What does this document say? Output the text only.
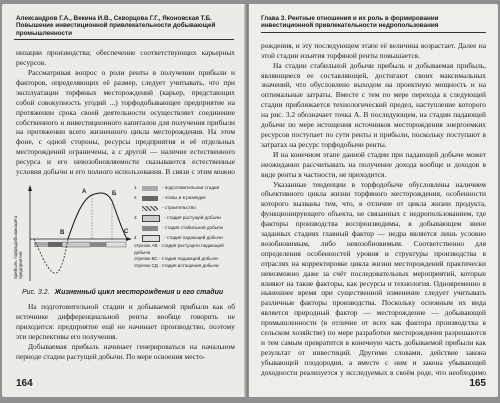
Александров Г.А., Векина И.В., Скворцова Г.Г., Яконовская Т.Б.
Повышение инвестиционной привлекательности добывающей промышленности

низации производства; обеспечение соответствующих карьерных ресурсов.

Рассматривая вопрос о роли ренты в получении прибыли и факторов, определяющих её размер, следует учитывать, что при эксплуатации торфяных месторождений (карьер, предстающих собой совокупность угодий ...) торфодобывающее предприятие на протяжении срока своей деятельности осуществляет соединение собственного и инвестиционного капиталов для получения прибыли на протяжении всего жизненного цикла месторождения. На этом фоне, с одной стороны, ресурсы предприятия и её отдельных месторождений ограничены, а с другой — наличие естественного ресурса и его невозобновляемости сказываются естественные условия добычи и его полного использования. В связи с этим можно

прибыль торфодобывающего предприятия
А	Б
В	С
1	- подготовительная стадия
2	- этапы и в разведке
- строительство
3	- стадия растущей добычи
- стадия стабильной добычи
4	- стадия падающей добычи
отрезок АВ - стадия растущего падающей добычи
отрезок ВС - стадия падающей добычи
отрезок СД - стадия истощения добычи
Рис. 3.2. Жизненный цикл месторождения и его стадии

На подготовительной стадии и добываемой прибыли как об источнике дифференциальной ренты вообще говорить не приходится: предприятие ещё не начинает производство, поэтому эти перспективы его получения.

Добываемая прибыль начинает генерироваться на начальном периоде стадии растущей добычи. По мере освоения место-

164
Глава 3. Рентные отношения и их роль в формировании
инвестиционной привлекательности недропользования

рождения, и эту последующем этапе её величина возрастает. Далее на этой стадии изъятия торфяной ренты повышается.

На стадии стабильной добычи прибыль и добываемая прибыль, являющиеся ее составляющей, достигают своих максимальных значений, что обусловлено выходом на проектную мощность и на оптимальные затраты. Вместе с тем по мере перехода к следующей стадии приближается технологический предел, наступление которого на рис. 3.2 обозначает точка А. В последующем, на стадии падающей добычи по мере истощения источников месторождения энергоемких ресурсов поступает по сути ренты и прибыли, поскольку поступают в затратах на ресурс торфодобычи ренты.

И на конечном этапе данной стадии при падающей добыче может неожиданно рассчитывать на получение дохода вообще и доходов в виде ренты в частности, не приходится.

Указанные тенденции в торфодобыче обусловлены наличием объективного цикла жизни торфяного месторождения, особенности которого вызваны тем, что, в отличие от цикла жизни продукта, функционирующего объекта, не связанных с недропользованием, где факторы производства воспроизводимы, в добывающем звене заданных стадиях главный фактор — недра является лишь условно возобновимым, либо невозобновимым. Соответственно для определения особенностей уровня и структуры производства в отраслях на корректировке цикла жизни месторождений практически невозможно даже за счёт последовательных мероприятий, которые влияют на такие факторы, как ресурсы и технология. Одновременно в нынешнее время при существенной изменение следует учитывать различные факторы производства. Поскольку основным их вида является природный фактор — месторождение — добывающей промышленности (в отличие от всех как фактора производства в сельском хозяйстве) по мере разработки месторождения разрешаются и тем самым превратится в конечную часть добываемой прибыли как результат от инвестиций. Другими словами, действие закона убывающей плодородия, а вместе с ним и закона убывающей доходности реализуется у исследуемых в своём роде, что необходимо

165
